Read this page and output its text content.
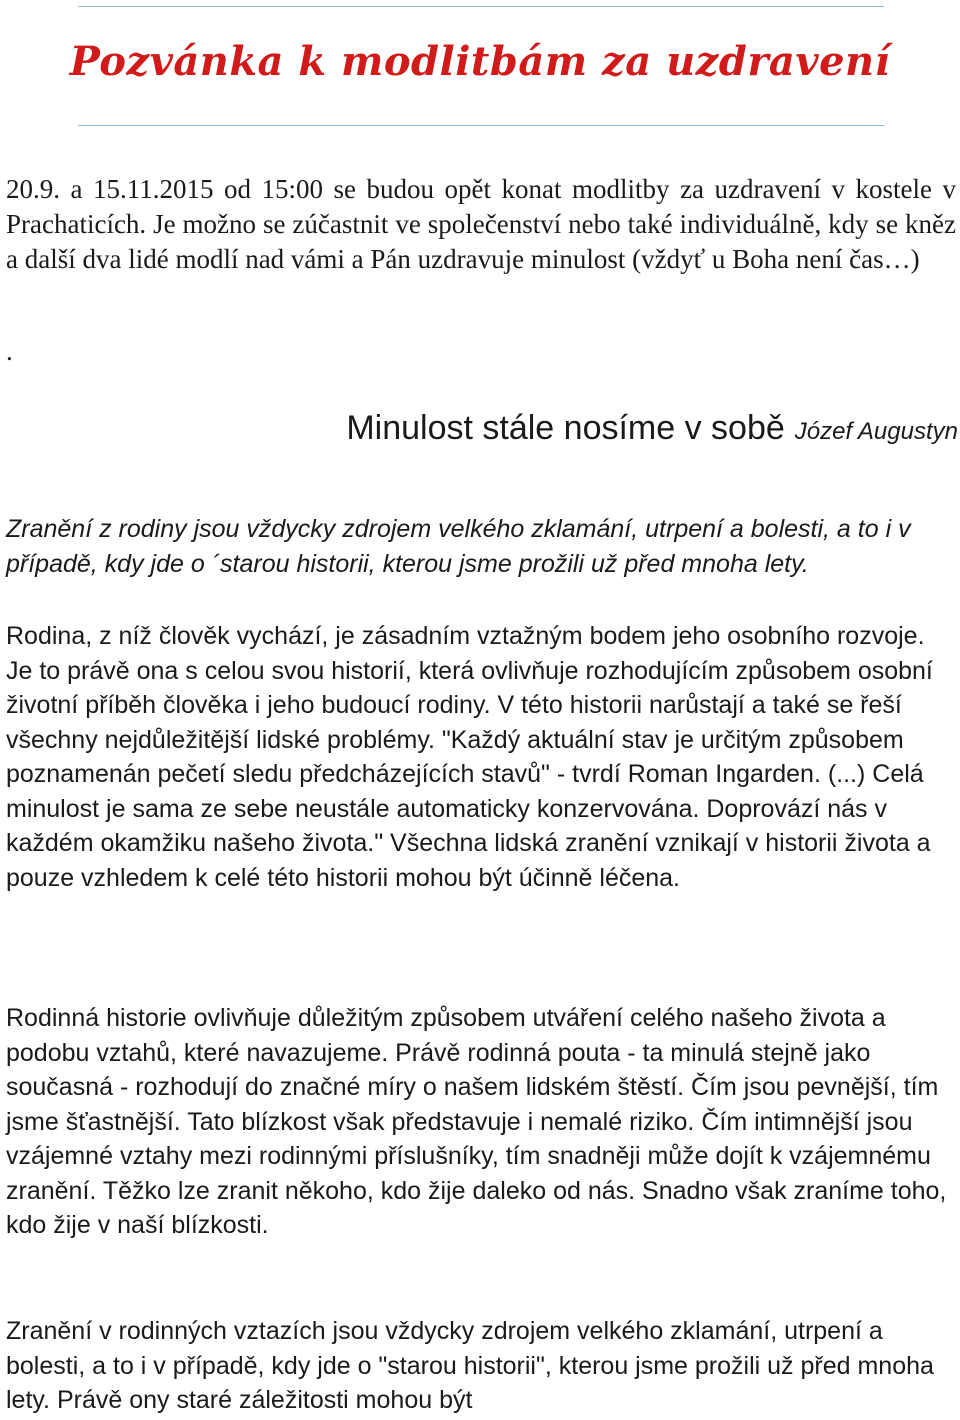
Pozvánka k modlitbám za uzdravení

20.9. a 15.11.2015 od 15:00 se budou opět konat modlitby za uzdravení v kostele v Prachaticích. Je možno se zúčastnit ve společenství nebo také individuálně, kdy se kněz a další dva lidé modlí nad vámi a Pán uzdravuje minulost (vždyť u Boha není čas…)

.

Minulost stále nosíme v sobě Józef Augustyn

Zranění z rodiny jsou vždycky zdrojem velkého zklamání, utrpení a bolesti, a to i v případě, kdy jde o ´starou historii, kterou jsme prožili už před mnoha lety.

Rodina, z níž člověk vychází, je zásadním vztažným bodem jeho osobního rozvoje. Je to právě ona s celou svou historií, která ovlivňuje rozhodujícím způsobem osobní životní příběh člověka i jeho budoucí rodiny. V této historii narůstají a také se řeší všechny nejdůležitější lidské problémy. "Každý aktuální stav je určitým způsobem poznamenán pečetí sledu předcházejících stavů" - tvrdí Roman Ingarden. (...) Celá minulost je sama ze sebe neustále automaticky konzervována. Doprovází nás v každém okamžiku našeho života." Všechna lidská zranění vznikají v historii života a pouze vzhledem k celé této historii mohou být účinně léčena.

Rodinná historie ovlivňuje důležitým způsobem utváření celého našeho života a podobu vztahů, které navazujeme. Právě rodinná pouta - ta minulá stejně jako současná - rozhodují do značné míry o našem lidském štěstí. Čím jsou pevnější, tím jsme šťastnější. Tato blízkost však představuje i nemalé riziko. Čím intimnější jsou vzájemné vztahy mezi rodinnými příslušníky, tím snadněji může dojít k vzájemnému zranění. Těžko lze zranit někoho, kdo žije daleko od nás. Snadno však zraníme toho, kdo žije v naší blízkosti.

Zranění v rodinných vztazích jsou vždycky zdrojem velkého zklamání, utrpení a bolesti, a to i v případě, kdy jde o "starou historii", kterou jsme prožili už před mnoha lety. Právě ony staré záležitosti mohou být
